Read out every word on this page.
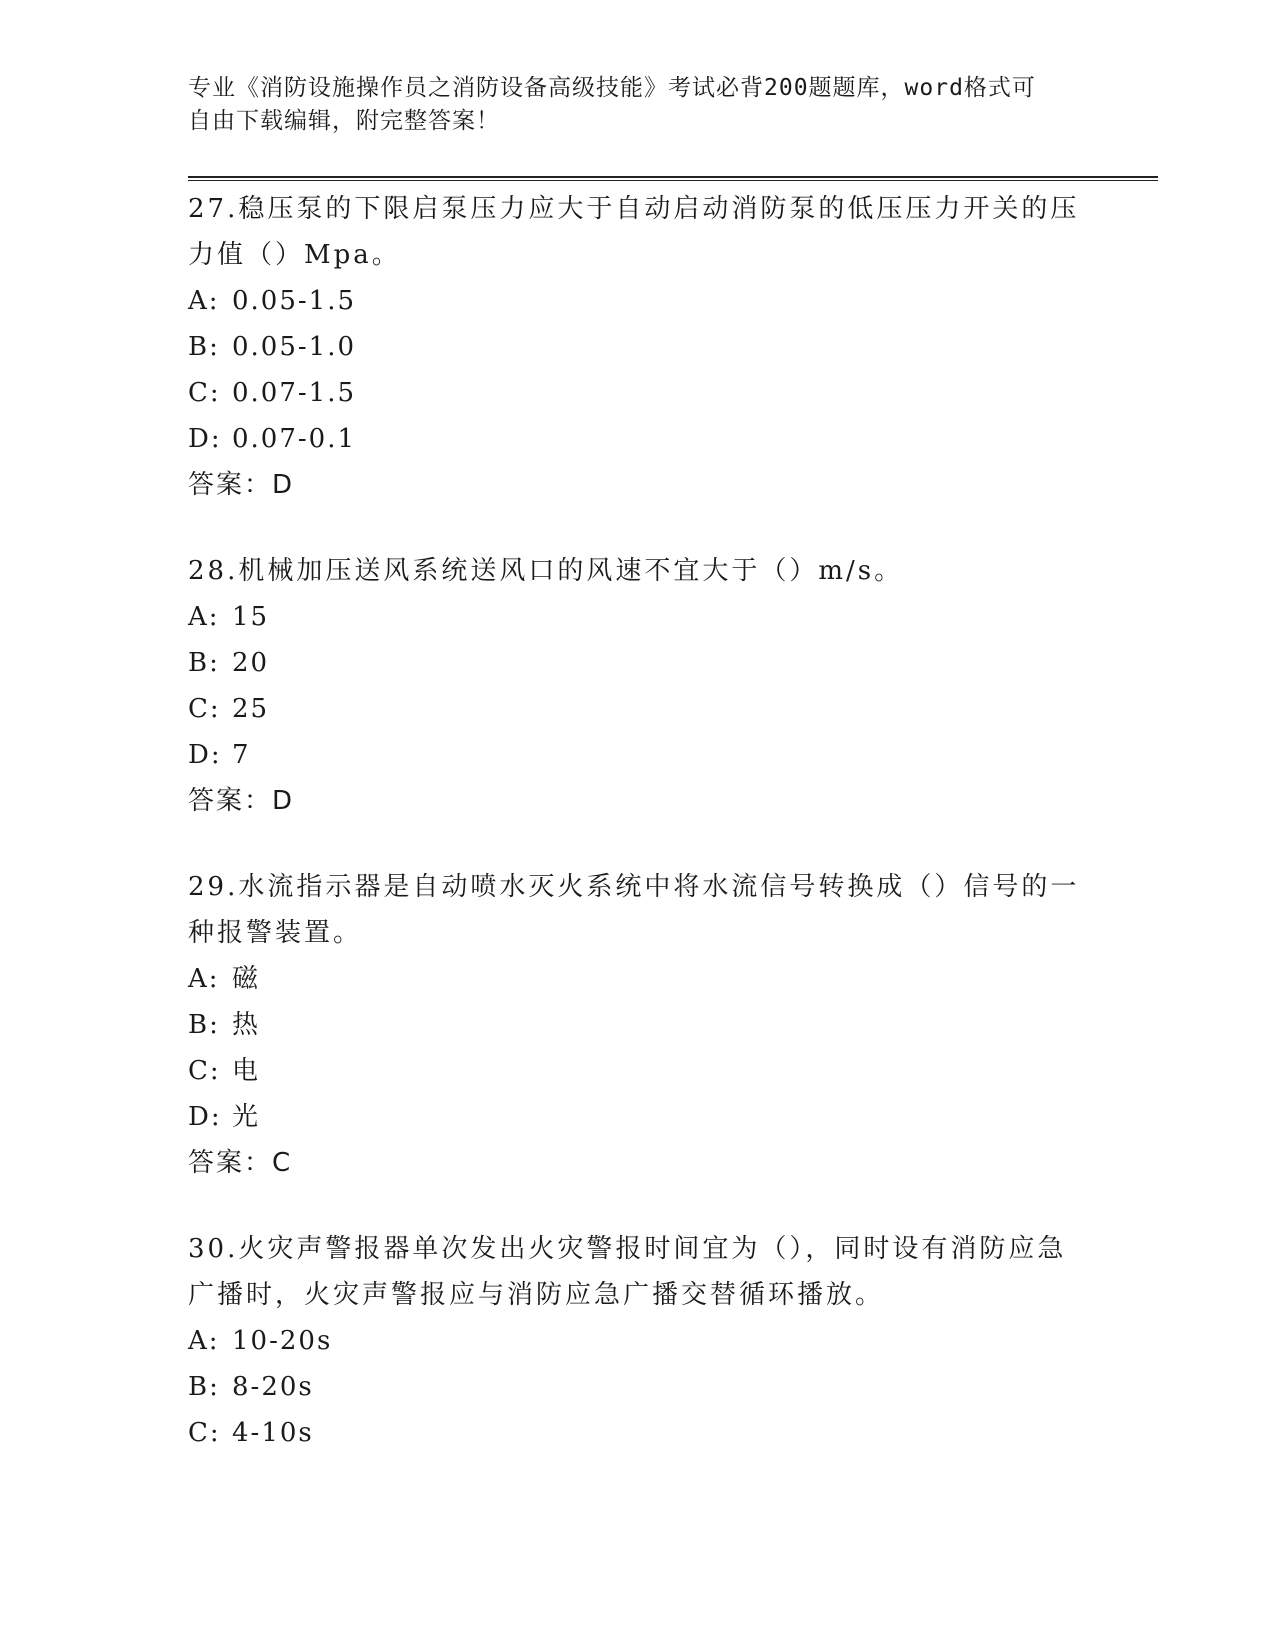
专业《消防设施操作员之消防设备高级技能》考试必背200题题库，word格式可
自由下载编辑，附完整答案！

27.稳压泵的下限启泵压力应大于自动启动消防泵的低压压力开关的压

力值（）Mpa。

A: 0.05-1.5

B: 0.05-1.0

C: 0.07-1.5

D: 0.07-0.1

答案：D

28.机械加压送风系统送风口的风速不宜大于（）m/s。

A: 15

B: 20

C: 25

D: 7

答案：D

29.水流指示器是自动喷水灭火系统中将水流信号转换成（）信号的一

种报警装置。

A: 磁

B: 热

C: 电

D: 光

答案：C

30.火灾声警报器单次发出火灾警报时间宜为（），同时设有消防应急

广播时，火灾声警报应与消防应急广播交替循环播放。

A: 10-20s

B: 8-20s

C: 4-10s
